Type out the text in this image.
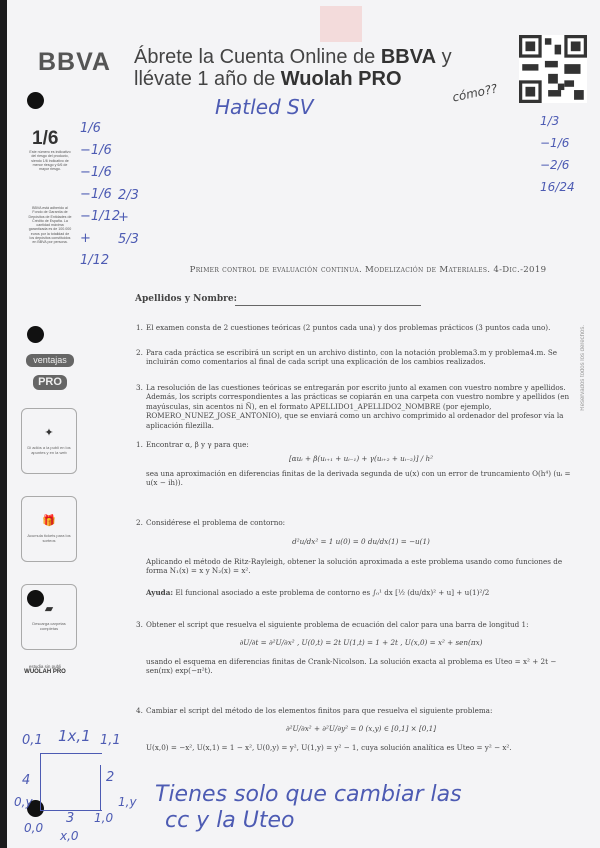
BBVA Ábrete la Cuenta Online de BBVA y
llévate 1 año de Wuolah PRO
cómo??
1/6
Este número es indicativo del riesgo del producto, siendo 1/6 indicativo de menor riesgo y 6/6 de mayor riesgo.
BBVA está adherido al Fondo de Garantía de Depósitos de Entidades de Crédito de España. La cantidad máxima garantizada es de 100.000 euros por la totalidad de los depósitos constituidos en BBVA por persona.
ventajas
PRO
✦
Di adiós a la publi en los apuntes y en la web
🎁
Acumula tickets para los sorteos
▰
Descarga carpetas completas
estudia sin publi
WUOLAH PRO
Reservados todos los derechos.
Primer control de evaluación continua. Modelización de Materiales. 4-Dic.-2019
Apellidos y Nombre:
1. El examen consta de 2 cuestiones teóricas (2 puntos cada una) y dos problemas prácticos (3 puntos cada uno).
2. Para cada práctica se escribirá un script en un archivo distinto, con la notación problema3.m y problema4.m. Se incluirán como comentarios al final de cada script una explicación de los cambios realizados.
3. La resolución de las cuestiones teóricas se entregarán por escrito junto al examen con vuestro nombre y apellidos. Además, los scripts correspondientes a las prácticas se copiarán en una carpeta con vuestro nombre y apellidos (en mayúsculas, sin acentos ni Ñ), en el formato APELLIDO1_APELLIDO2_NOMBRE (por ejemplo, ROMERO_NUNEZ_JOSE_ANTONIO), que se enviará como un archivo comprimido al ordenador del profesor vía la aplicación filezilla.
1. Encontrar α, β y γ para que:
[αuᵢ + β(uᵢ₊₁ + uᵢ₋₁) + γ(uᵢ₊₂ + uᵢ₋₂)] / h²
sea una aproximación en diferencias finitas de la derivada segunda de u(x) con un error de truncamiento O(h⁴) (uᵢ = u(x − ih)).
2. Considérese el problema de contorno:
d²u/dx² = 1 u(0) = 0 du/dx(1) = −u(1)
Aplicando el método de Ritz-Rayleigh, obtener la solución aproximada a este problema usando como funciones de forma N₁(x) = x y N₂(x) = x².
Ayuda: El funcional asociado a este problema de contorno es ∫₀¹ dx [½ (du/dx)² + u] + u(1)²/2
3. Obtener el script que resuelva el siguiente problema de ecuación del calor para una barra de longitud 1:
∂U/∂t = ∂²U/∂x² , U(0,t) = 2t U(1,t) = 1 + 2t , U(x,0) = x² + sen(πx)
usando el esquema en diferencias finitas de Crank-Nicolson. La solución exacta al problema es Uteo = x² + 2t − sen(πx) exp(−π²t).
4. Cambiar el script del método de los elementos finitos para que resuelva el siguiente problema:
∂²U/∂x² + ∂²U/∂y² = 0 (x,y) ∈ [0,1] × [0,1]
U(x,0) = −x², U(x,1) = 1 − x², U(0,y) = y², U(1,y) = y² − 1, cuya solución analítica es Uteo = y² − x².
Hatled SV
1/6
−1/6
−1/6
−1/6
−1/12
+
1/12
2/3
+
5/3
1/3
−1/6
−2/6
16/24
Tienes solo que cambiar las
cc y la Uteo
0,1 1x,1 1,1
4	2
0,y	1,y
0,0
3 1,0
x,0
